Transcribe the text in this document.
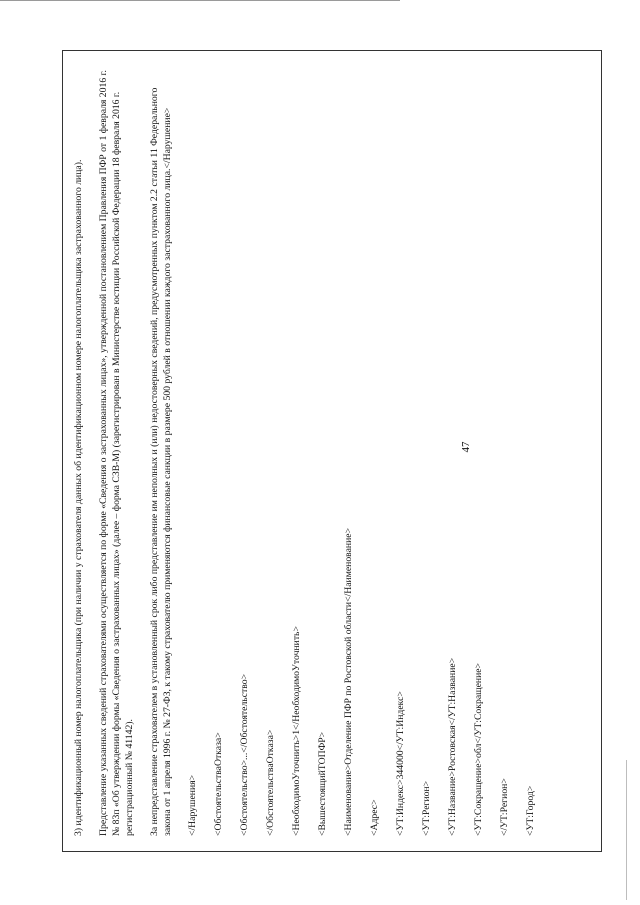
47

3) идентификационный номер налогоплательщика (при наличии у страхователя данных об идентификационном номере налогоплательщика застрахованного лица). Представление указанных сведений страхователями осуществляется по форме «Сведения о застрахованных лицах», утвержденной постановлением Правления ПФР от 1 февраля 2016 г. № 83п «Об утверждении формы «Сведения о застрахованных лицах» (далее – форма СЗВ-М) (зарегистрирован в Министерстве юстиции Российской Федерации 18 февраля 2016 г. регистрационный № 41142). За непредставление страхователем в установленный срок либо представление им неполных и (или) недостоверных сведений, предусмотренных пунктом 2.2 статьи 11 Федерального закона от 1 апреля 1996 г. № 27-ФЗ, к такому страхователю применяются финансовые санкции в размере 500 рублей в отношении каждого застрахованного лица.</Нарушение> </Нарушения> <ОбстоятельстваОтказа> <Обстоятельство>...</Обстоятельство> </ОбстоятельстваОтказа> <НеобходимоУточнить>1</НеобходимоУточнить> <ВышестоящийТОПФР> <Наименование>Отделение ПФР по Ростовской области</Наименование> <Адрес> <УТ:Индекс>344000</УТ:Индекс> <УТ:Регион> <УТ:Название>Ростовская</УТ:Название> <УТ:Сокращение>обл</УТ:Сокращение> </УТ:Регион> <УТ:Город>
